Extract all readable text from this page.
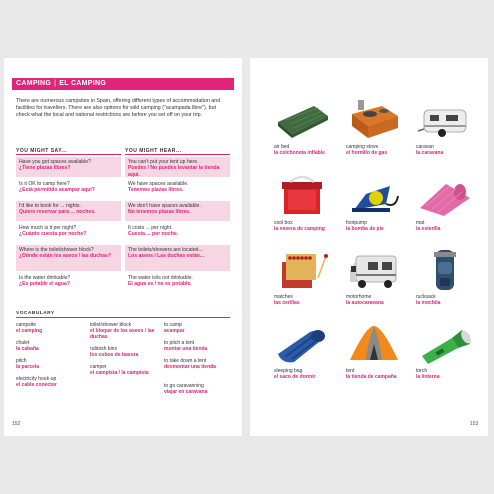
CAMPING | EL CAMPING
There are numerous campsites in Spain, offering different types of accommodation and facilities for travellers. There are also options for wild camping ("acampada libre"), but check what the local and national restrictions are before you set off on your trip.
YOU MIGHT SAY...	YOU MIGHT HEAR...
Have you got spaces available?
¿Tiene plazas libres?
Is it OK to camp here?
¿Está permitido acampar aquí?
I'd like to book for ... nights.
Quiero reservar para ... noches.
How much is it per night?
¿Cuánto cuesta por noche?
Where is the toilet/shower block?
¿Dónde están los aseos / las duchas?
Is the water drinkable?
¿Es potable el agua?
You can't put your tent up here.
Puedes / No puedes levantar la tienda aquí.
We have spaces available.
Tenemos plazas libres.
We don't have spaces available.
No tenemos plazas libres.
It costs ... per night.
Cuesta ... por noche.
The toilets/showers are located...
Los aseos / Las duchas están...
The water is/is not drinkable.
El agua es / no es potable.
VOCABULARY
campsite
el camping
chalet
la cabaña
pitch
la parcela
electricity hook-up
el cable conector
toilet/shower block
el bloque de los aseos / las duchas
rubbish bins
los cubos de basura
camper
el campista / la campista
to camp
acampar
to pitch a tent
montar una tienda
to take down a tent
desmontar una tienda
to go caravanning
viajar en caravana
152
air bed
la colchoneta inflable
camping stove
el hornillo de gas
caravan
la caravana
cool box
la nevera de camping
footpump
la bomba de pie
mat
la esterilla
matches
las cerillas
motorhome
la autocaravana
rucksack
la mochila
sleeping bag
el saco de dormir
tent
la tienda de campaña
torch
la linterna
153
